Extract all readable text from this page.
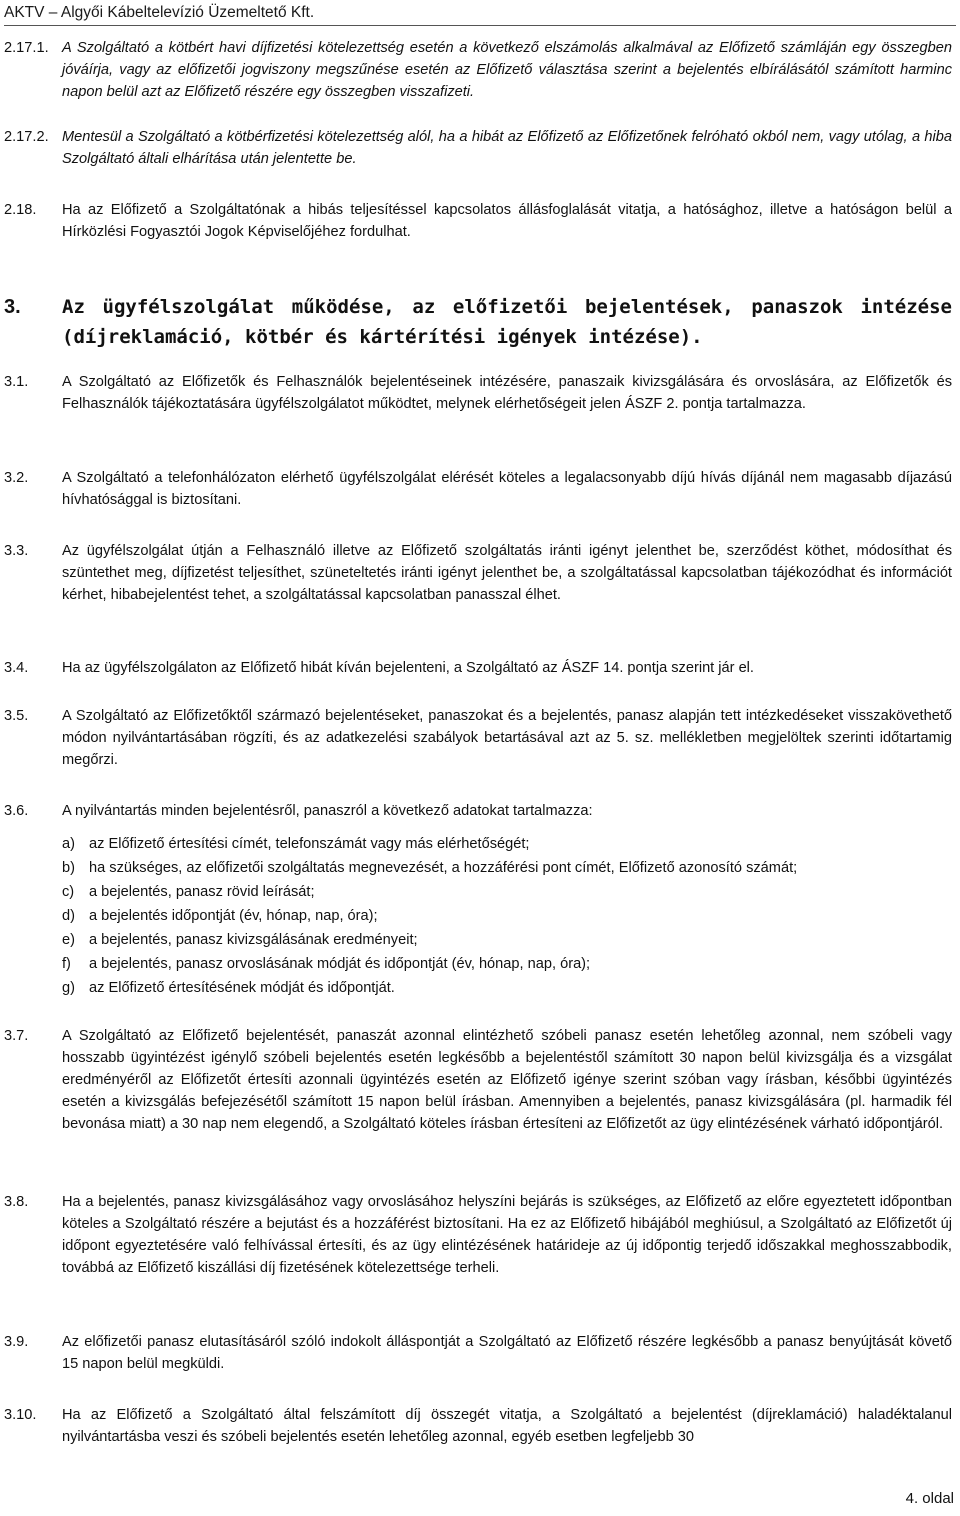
AKTV – Algyői Kábeltelevízió Üzemeltető Kft.
2.17.1. A Szolgáltató a kötbért havi díjfizetési kötelezettség esetén a következő elszámolás alkalmával az Előfizető számláján egy összegben jóváírja, vagy az előfizetői jogviszony megszűnése esetén az Előfizető választása szerint a bejelentés elbírálásától számított harminc napon belül azt az Előfizető részére egy összegben visszafizeti.
2.17.2. Mentesül a Szolgáltató a kötbérfizetési kötelezettség alól, ha a hibát az Előfizető az Előfizetőnek felróható okból nem, vagy utólag, a hiba Szolgáltató általi elhárítása után jelentette be.
2.18. Ha az Előfizető a Szolgáltatónak a hibás teljesítéssel kapcsolatos állásfoglalását vitatja, a hatósághoz, illetve a hatóságon belül a Hírközlési Fogyasztói Jogok Képviselőjéhez fordulhat.
3. Az ügyfélszolgálat működése, az előfizetői bejelentések, panaszok intézése (díjreklamáció, kötbér és kártérítési igények intézése).
3.1. A Szolgáltató az Előfizetők és Felhasználók bejelentéseinek intézésére, panaszaik kivizsgálására és orvoslására, az Előfizetők és Felhasználók tájékoztatására ügyfélszolgálatot működtet, melynek elérhetőségeit jelen ÁSZF 2. pontja tartalmazza.
3.2. A Szolgáltató a telefonhálózaton elérhető ügyfélszolgálat elérését köteles a legalacsonyabb díjú hívás díjánál nem magasabb díjazású hívhatósággal is biztosítani.
3.3. Az ügyfélszolgálat útján a Felhasználó illetve az Előfizető szolgáltatás iránti igényt jelenthet be, szerződést köthet, módosíthat és szüntethet meg, díjfizetést teljesíthet, szüneteltetés iránti igényt jelenthet be, a szolgáltatással kapcsolatban tájékozódhat és információt kérhet, hibabejelentést tehet, a szolgáltatással kapcsolatban panasszal élhet.
3.4. Ha az ügyfélszolgálaton az Előfizető hibát kíván bejelenteni, a Szolgáltató az ÁSZF 14. pontja szerint jár el.
3.5. A Szolgáltató az Előfizetőktől származó bejelentéseket, panaszokat és a bejelentés, panasz alapján tett intézkedéseket visszakövethető módon nyilvántartásában rögzíti, és az adatkezelési szabályok betartásával azt az 5. sz. mellékletben megjelöltek szerinti időtartamig megőrzi.
3.6. A nyilvántartás minden bejelentésről, panaszról a következő adatokat tartalmazza:
a) az Előfizető értesítési címét, telefonszámát vagy más elérhetőségét;
b) ha szükséges, az előfizetői szolgáltatás megnevezését, a hozzáférési pont címét, Előfizető azonosító számát;
c) a bejelentés, panasz rövid leírását;
d) a bejelentés időpontját (év, hónap, nap, óra);
e) a bejelentés, panasz kivizsgálásának eredményeit;
f) a bejelentés, panasz orvoslásának módját és időpontját (év, hónap, nap, óra);
g) az Előfizető értesítésének módját és időpontját.
3.7. A Szolgáltató az Előfizető bejelentését, panaszát azonnal elintézhető szóbeli panasz esetén lehetőleg azonnal, nem szóbeli vagy hosszabb ügyintézést igénylő szóbeli bejelentés esetén legkésőbb a bejelentéstől számított 30 napon belül kivizsgálja és a vizsgálat eredményéről az Előfizetőt értesíti azonnali ügyintézés esetén az Előfizető igénye szerint szóban vagy írásban, későbbi ügyintézés esetén a kivizsgálás befejezésétől számított 15 napon belül írásban. Amennyiben a bejelentés, panasz kivizsgálására (pl. harmadik fél bevonása miatt) a 30 nap nem elegendő, a Szolgáltató köteles írásban értesíteni az Előfizetőt az ügy elintézésének várható időpontjáról.
3.8. Ha a bejelentés, panasz kivizsgálásához vagy orvoslásához helyszíni bejárás is szükséges, az Előfizető az előre egyeztetett időpontban köteles a Szolgáltató részére a bejutást és a hozzáférést biztosítani. Ha ez az Előfizető hibájából meghiúsul, a Szolgáltató az Előfizetőt új időpont egyeztetésére való felhívással értesíti, és az ügy elintézésének határideje az új időpontig terjedő időszakkal meghosszabbodik, továbbá az Előfizető kiszállási díj fizetésének kötelezettsége terheli.
3.9. Az előfizetői panasz elutasításáról szóló indokolt álláspontját a Szolgáltató az Előfizető részére legkésőbb a panasz benyújtását követő 15 napon belül megküldi.
3.10. Ha az Előfizető a Szolgáltató által felszámított díj összegét vitatja, a Szolgáltató a bejelentést (díjreklamáció) haladéktalanul nyilvántartásba veszi és szóbeli bejelentés esetén lehetőleg azonnal, egyéb esetben legfeljebb 30
4. oldal
